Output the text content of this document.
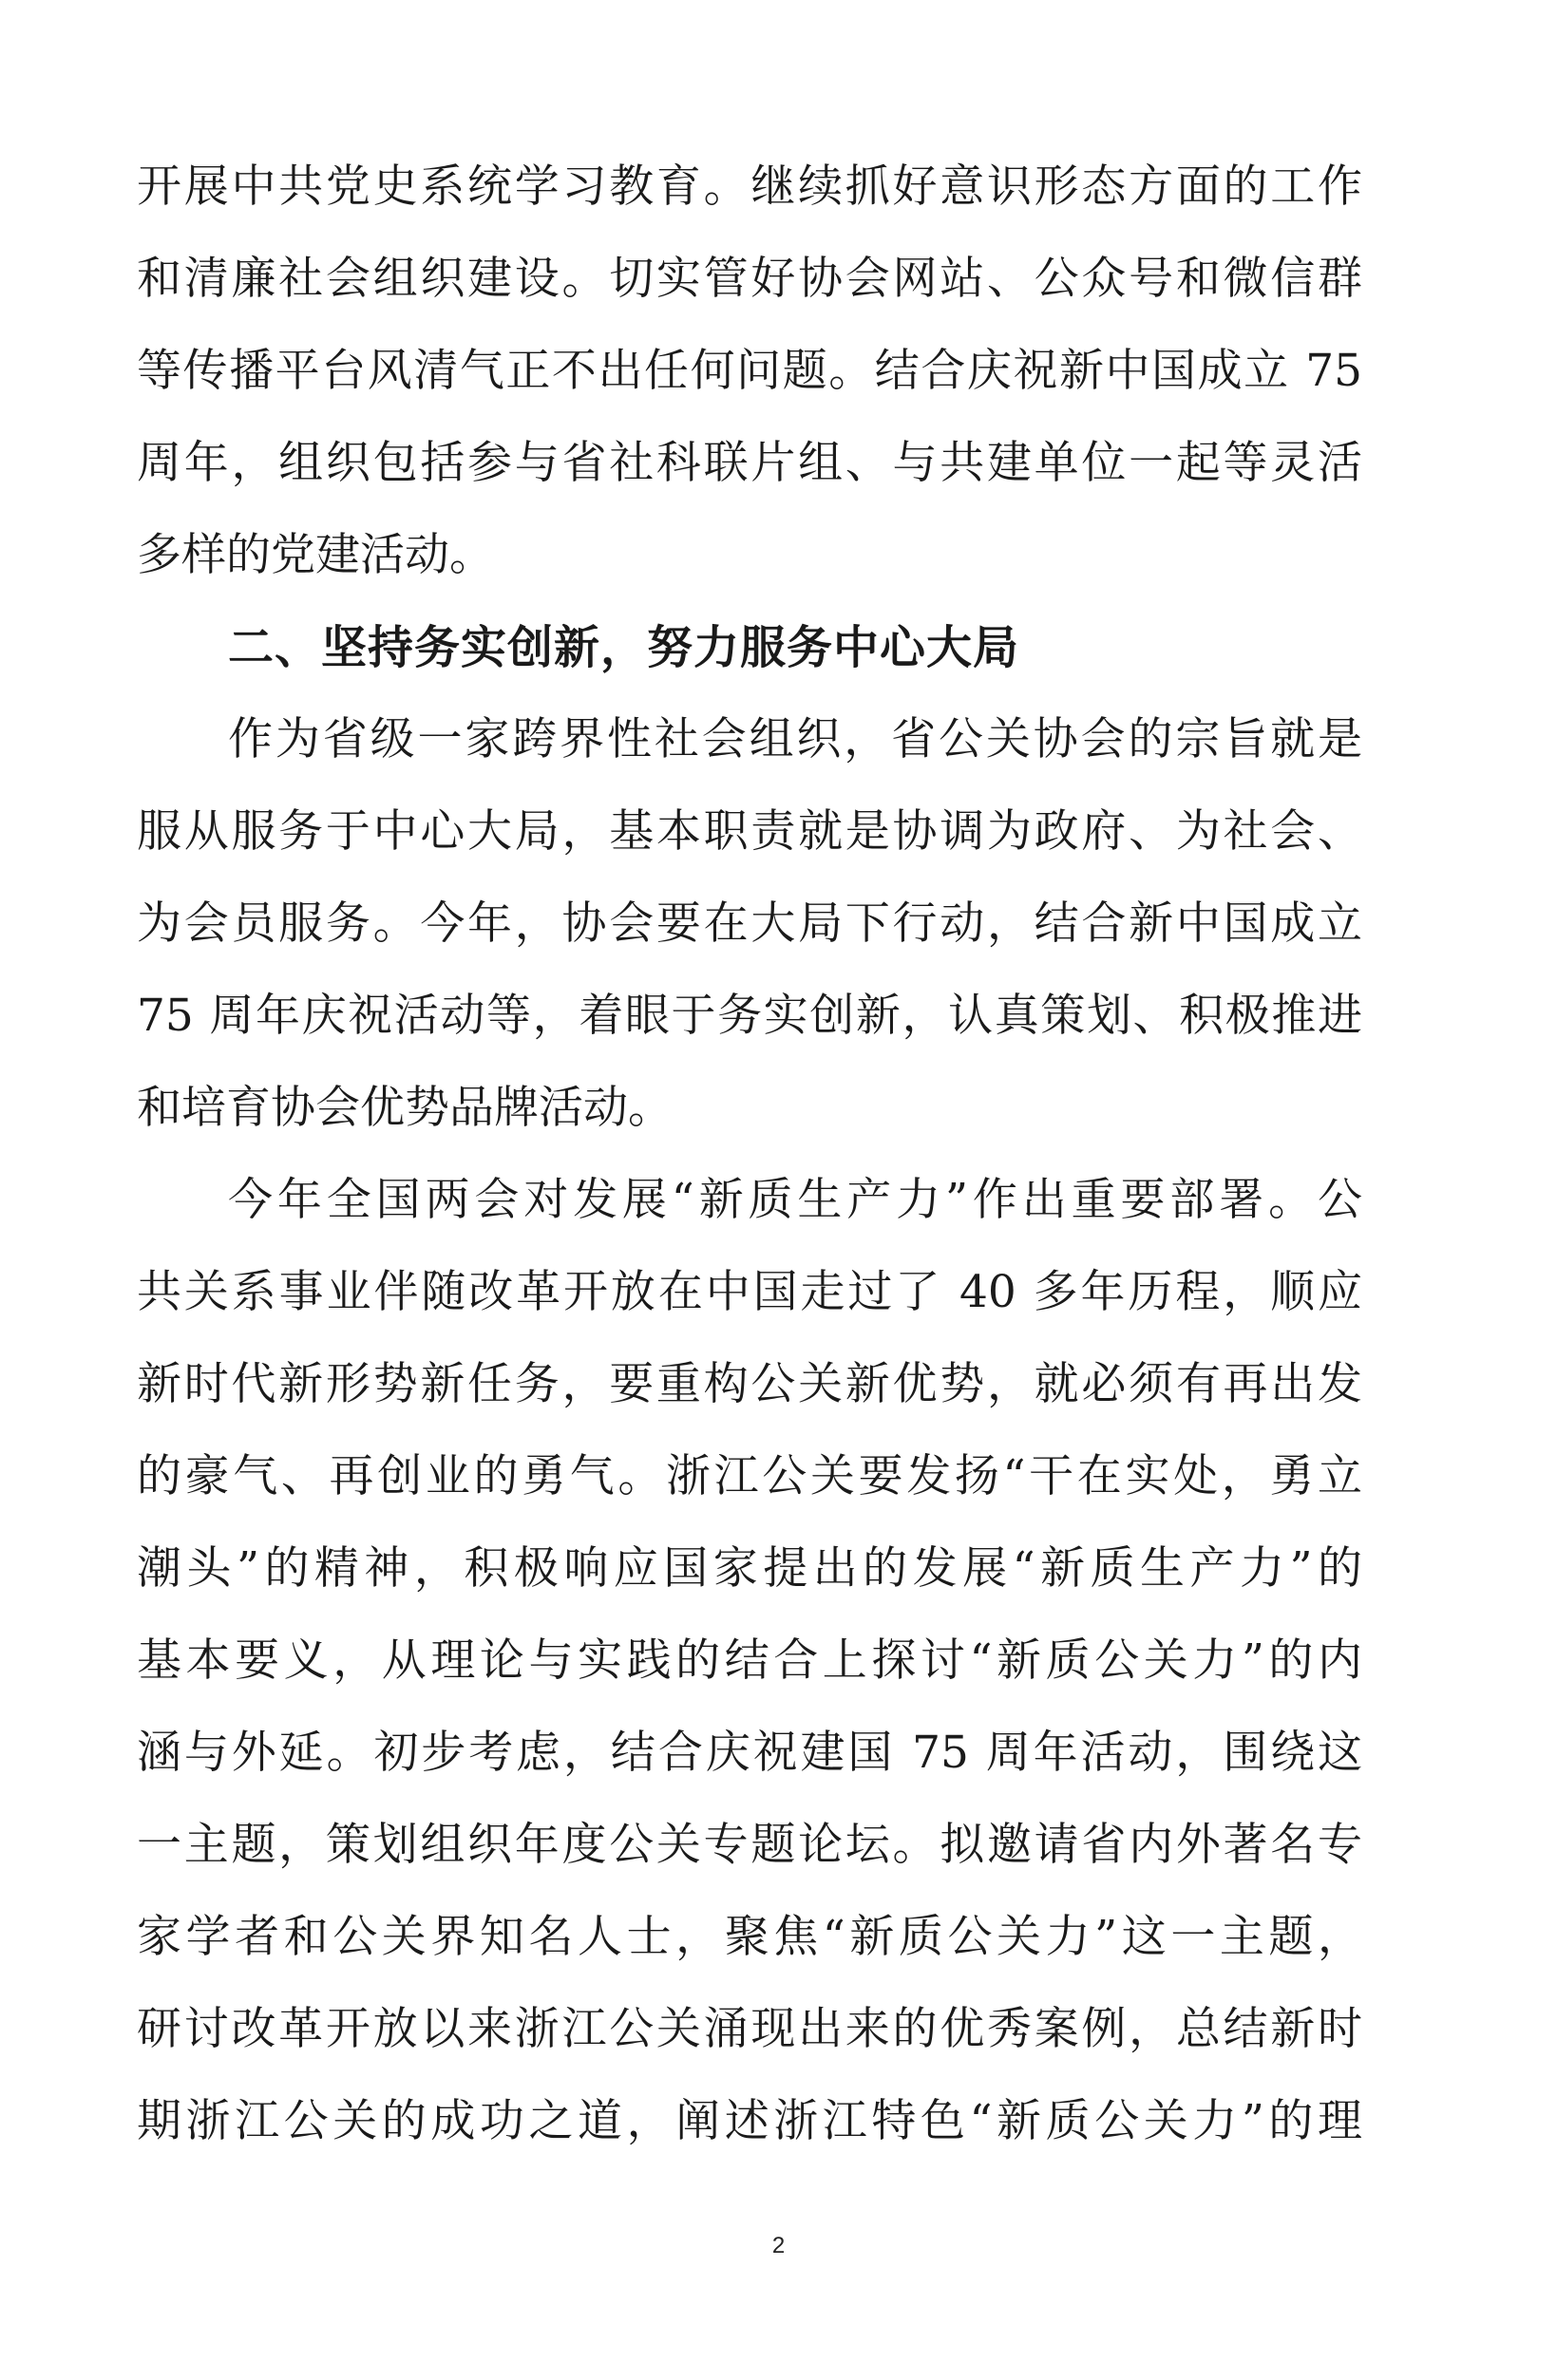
开展中共党史系统学习教育。继续抓好意识形态方面的工作
和清廉社会组织建设。切实管好协会网站、公众号和微信群
等传播平台风清气正不出任何问题。结合庆祝新中国成立 75
周年，组织包括参与省社科联片组、与共建单位一起等灵活
多样的党建活动。
二、坚持务实创新，努力服务中心大局
作为省级一家跨界性社会组织，省公关协会的宗旨就是
服从服务于中心大局，基本职责就是协调为政府、为社会、
为会员服务。今年，协会要在大局下行动，结合新中国成立
75 周年庆祝活动等，着眼于务实创新，认真策划、积极推进
和培育协会优势品牌活动。
今年全国两会对发展“新质生产力”作出重要部署。公
共关系事业伴随改革开放在中国走过了 40 多年历程，顺应
新时代新形势新任务，要重构公关新优势，就必须有再出发
的豪气、再创业的勇气。浙江公关要发扬“干在实处，勇立
潮头”的精神，积极响应国家提出的发展“新质生产力”的
基本要义，从理论与实践的结合上探讨“新质公关力”的内
涵与外延。初步考虑，结合庆祝建国 75 周年活动，围绕这
一主题，策划组织年度公关专题论坛。拟邀请省内外著名专
家学者和公关界知名人士，聚焦“新质公关力”这一主题，
研讨改革开放以来浙江公关涌现出来的优秀案例，总结新时
期浙江公关的成功之道，阐述浙江特色“新质公关力”的理
2
